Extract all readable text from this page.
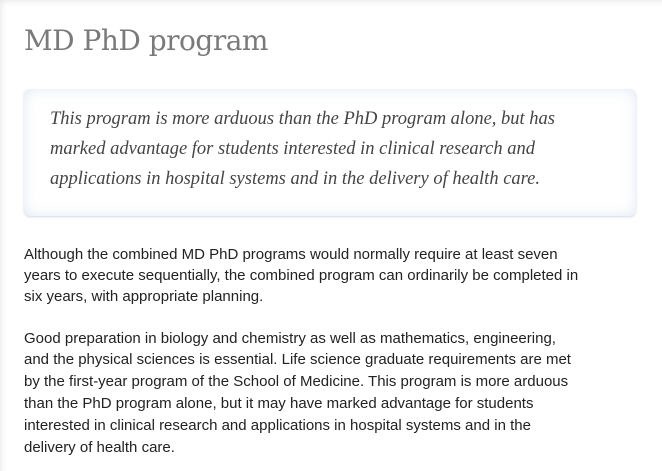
MD PhD program
This program is more arduous than the PhD program alone, but has
marked advantage for students interested in clinical research and
applications in hospital systems and in the delivery of health care.
Although the combined MD PhD programs would normally require at least seven
years to execute sequentially, the combined program can ordinarily be completed in
six years, with appropriate planning.
Good preparation in biology and chemistry as well as mathematics, engineering,
and the physical sciences is essential. Life science graduate requirements are met
by the first-year program of the School of Medicine. This program is more arduous
than the PhD program alone, but it may have marked advantage for students
interested in clinical research and applications in hospital systems and in the
delivery of health care.
